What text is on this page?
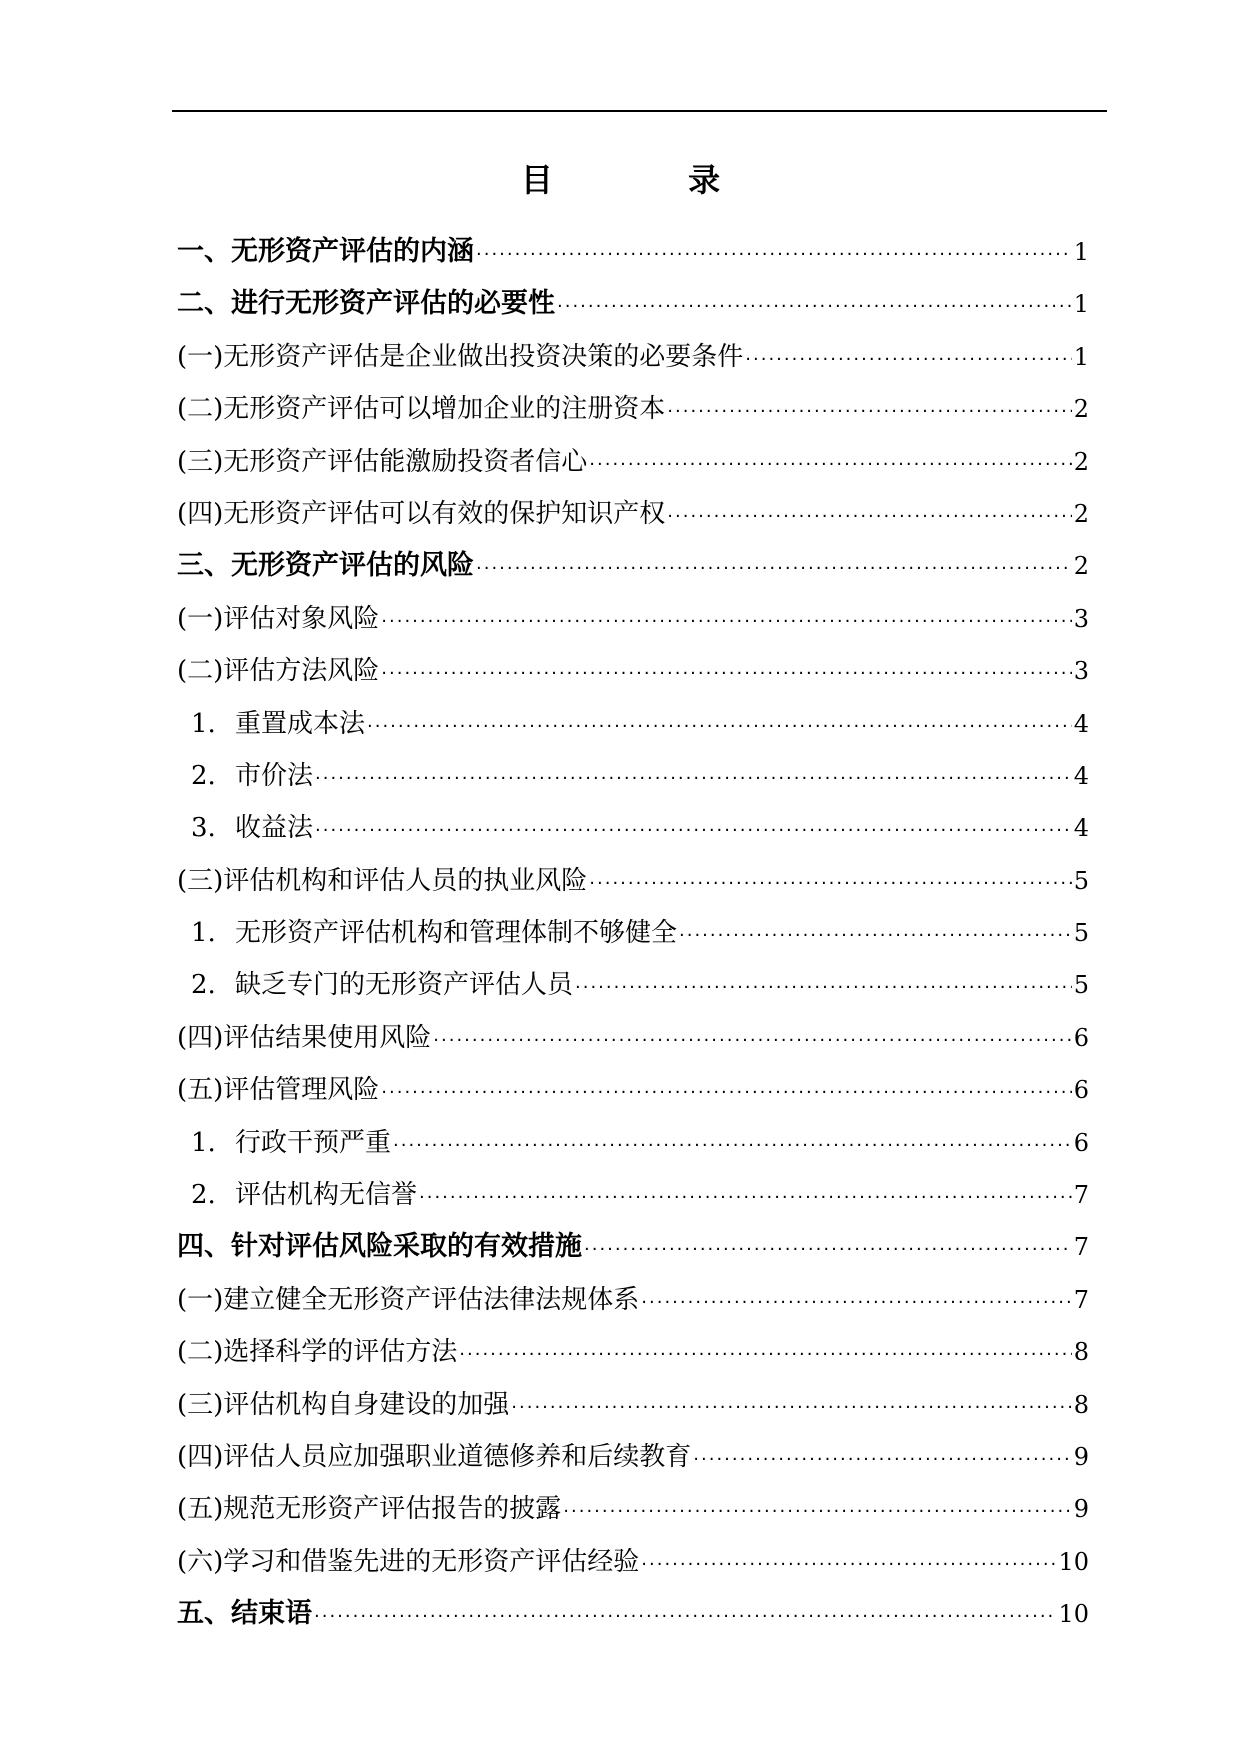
目 录
一、无形资产评估的内涵 ·····	1
二、进行无形资产评估的必要性 ·····	1
(一)无形资产评估是企业做出投资决策的必要条件 ·····	1
(二)无形资产评估可以增加企业的注册资本 ·····	2
(三)无形资产评估能激励投资者信心 ·····	2
(四)无形资产评估可以有效的保护知识产权 ·····	2
三、无形资产评估的风险 ·····	2
(一)评估对象风险 ·····	3
(二)评估方法风险 ·····	3
1. 重置成本法 ·····	4
2. 市价法 ·····	4
3. 收益法 ·····	4
(三)评估机构和评估人员的执业风险 ·····	5
1. 无形资产评估机构和管理体制不够健全 ·····	5
2. 缺乏专门的无形资产评估人员 ·····	5
(四)评估结果使用风险 ·····	6
(五)评估管理风险 ·····	6
1. 行政干预严重 ·····	6
2. 评估机构无信誉 ·····	7
四、针对评估风险采取的有效措施 ·····	7
(一)建立健全无形资产评估法律法规体系 ·····	7
(二)选择科学的评估方法 ·····	8
(三)评估机构自身建设的加强 ·····	8
(四)评估人员应加强职业道德修养和后续教育 ·····	9
(五)规范无形资产评估报告的披露 ·····	9
(六)学习和借鉴先进的无形资产评估经验 ·····	10
五、结束语 ·····	10
